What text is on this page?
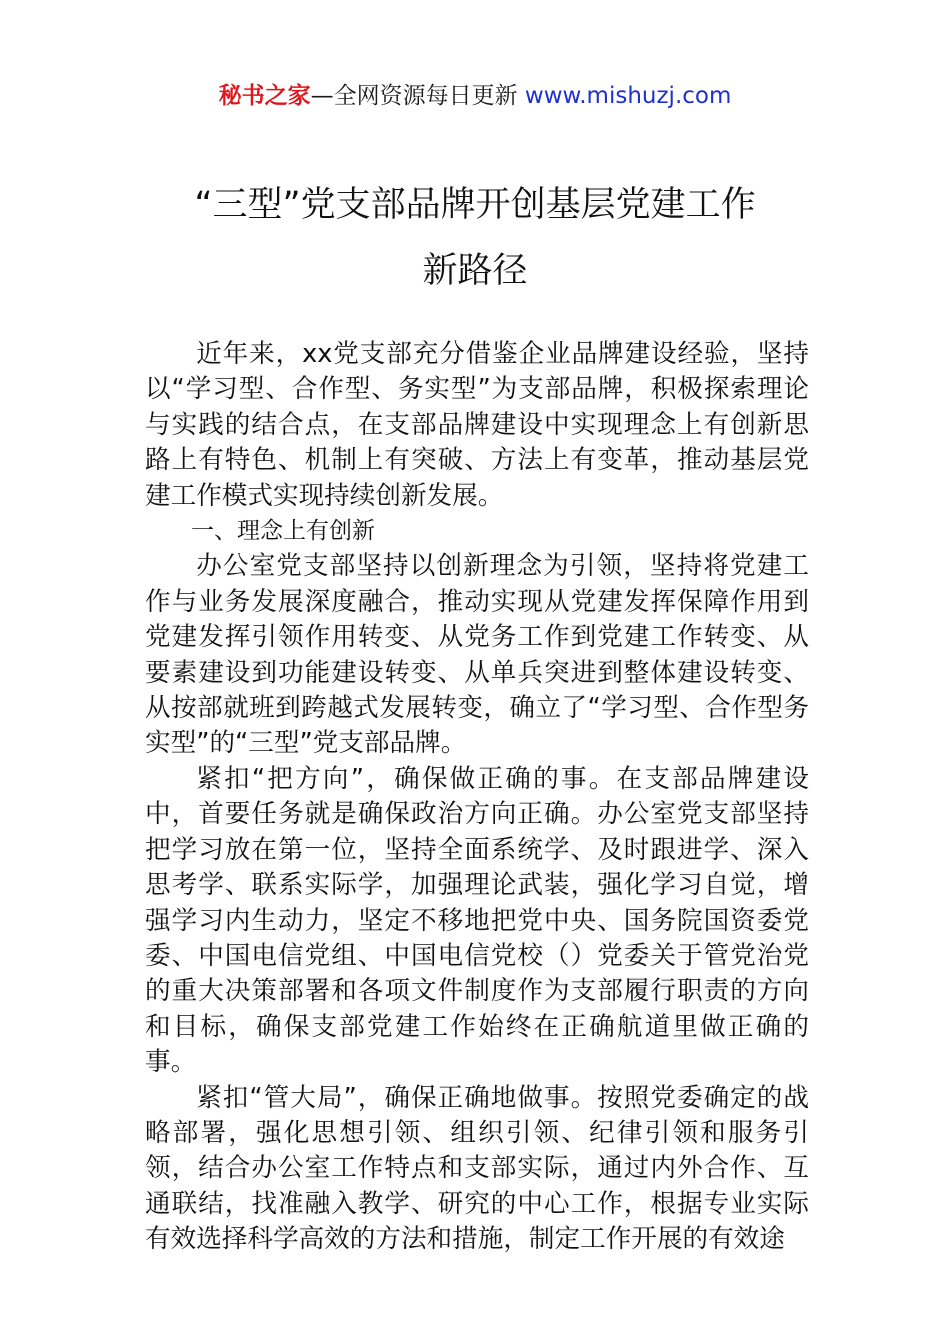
秘书之家—全网资源每日更新 www.mishuzj.com
“三型”党支部品牌开创基层党建工作
新路径

近年来，xx党支部充分借鉴企业品牌建设经验，坚持以“学习型、合作型、务实型”为支部品牌，积极探索理论与实践的结合点，在支部品牌建设中实现理念上有创新思路上有特色、机制上有突破、方法上有变革，推动基层党建工作模式实现持续创新发展。

一、理念上有创新

办公室党支部坚持以创新理念为引领，坚持将党建工作与业务发展深度融合，推动实现从党建发挥保障作用到党建发挥引领作用转变、从党务工作到党建工作转变、从要素建设到功能建设转变、从单兵突进到整体建设转变、从按部就班到跨越式发展转变，确立了“学习型、合作型务实型”的“三型”党支部品牌。

紧扣“把方向”，确保做正确的事。在支部品牌建设中，首要任务就是确保政治方向正确。办公室党支部坚持把学习放在第一位，坚持全面系统学、及时跟进学、深入思考学、联系实际学，加强理论武装，强化学习自觉，增强学习内生动力，坚定不移地把党中央、国务院国资委党委、中国电信党组、中国电信党校（）党委关于管党治党的重大决策部署和各项文件制度作为支部履行职责的方向和目标，确保支部党建工作始终在正确航道里做正确的事。

紧扣“管大局”，确保正确地做事。按照党委确定的战略部署，强化思想引领、组织引领、纪律引领和服务引领，结合办公室工作特点和支部实际，通过内外合作、互通联结，找准融入教学、研究的中心工作，根据专业实际有效选择科学高效的方法和措施，制定工作开展的有效途
